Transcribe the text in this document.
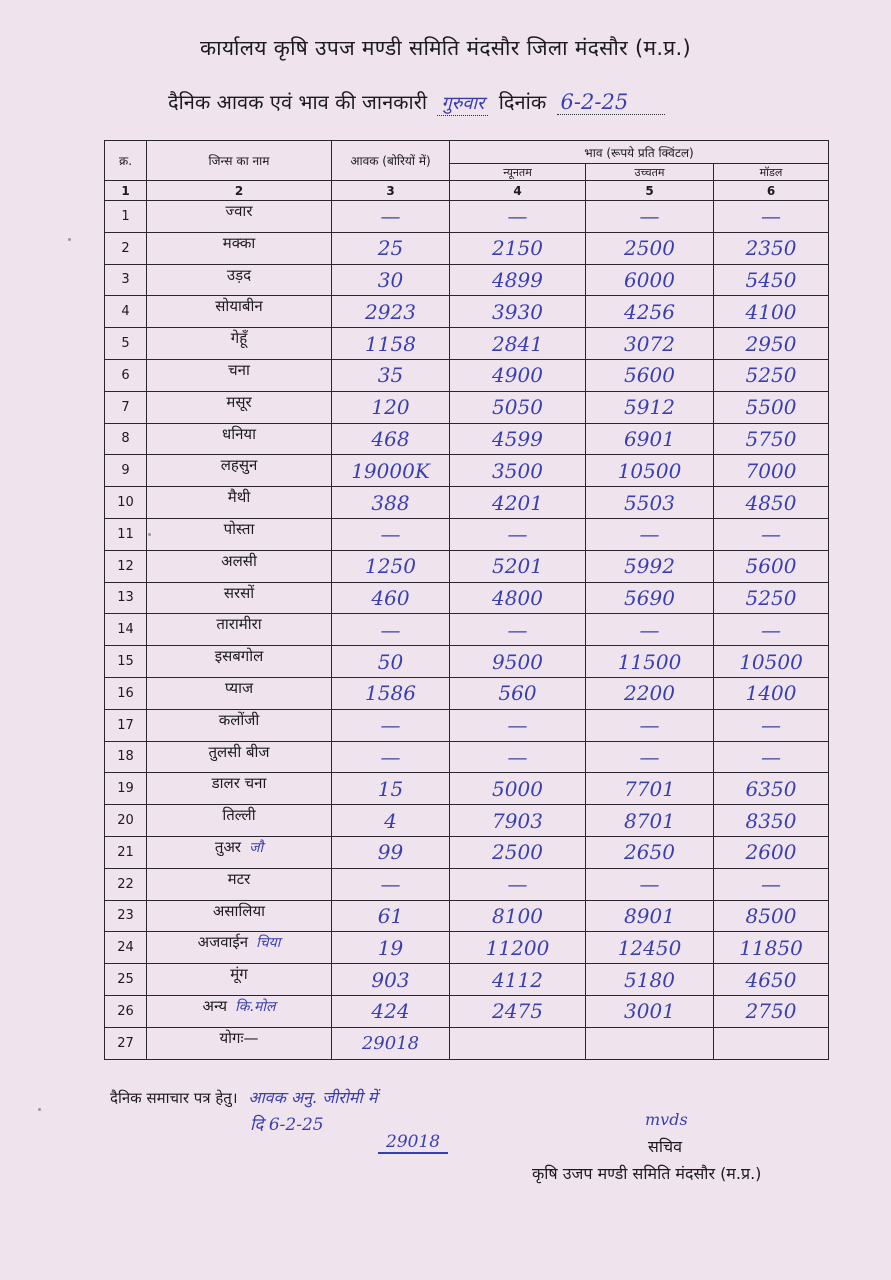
कार्यालय कृषि उपज मण्डी समिति मंदसौर जिला मंदसौर (म.प्र.)
दैनिक आवक एवं भाव की जानकारी गुरुवार दिनांक 6-2-25
क्र.	जिन्स का नाम	आवक (बोरियों में)	भाव (रूपये प्रति क्विंटल)		
			न्यूनतम	उच्चतम	मॉडल
1	2	3	4	5	6
1	ज्वार	—	—	—	—
2	मक्का	25	2150	2500	2350
3	उड़द	30	4899	6000	5450
4	सोयाबीन	2923	3930	4256	4100
5	गेहूँ	1158	2841	3072	2950
6	चना	35	4900	5600	5250
7	मसूर	120	5050	5912	5500
8	धनिया	468	4599	6901	5750
9	लहसुन	19000K	3500	10500	7000
10	मैथी	388	4201	5503	4850
11	पोस्ता	—	—	—	—
12	अलसी	1250	5201	5992	5600
13	सरसों	460	4800	5690	5250
14	तारामीरा	—	—	—	—
15	इसबगोल	50	9500	11500	10500
16	प्याज	1586	560	2200	1400
17	कलोंजी	—	—	—	—
18	तुलसी बीज	—	—	—	—
19	डालर चना	15	5000	7701	6350
20	तिल्ली	4	7903	8701	8350
21	तुअर जौ	99	2500	2650	2600
22	मटर	—	—	—	—
23	असालिया	61	8100	8901	8500
24	अजवाईन चिया	19	11200	12450	11850
25	मूंग	903	4112	5180	4650
26	अन्य कि.मोल	424	2475	3001	2750
27	योगः—	29018			
दैनिक समाचार पत्र हेतु। आवक अनु. जीरोमी में
दि 6-2-25
29018
mvds
सचिव
कृषि उजप मण्डी समिति मंदसौर (म.प्र.)
